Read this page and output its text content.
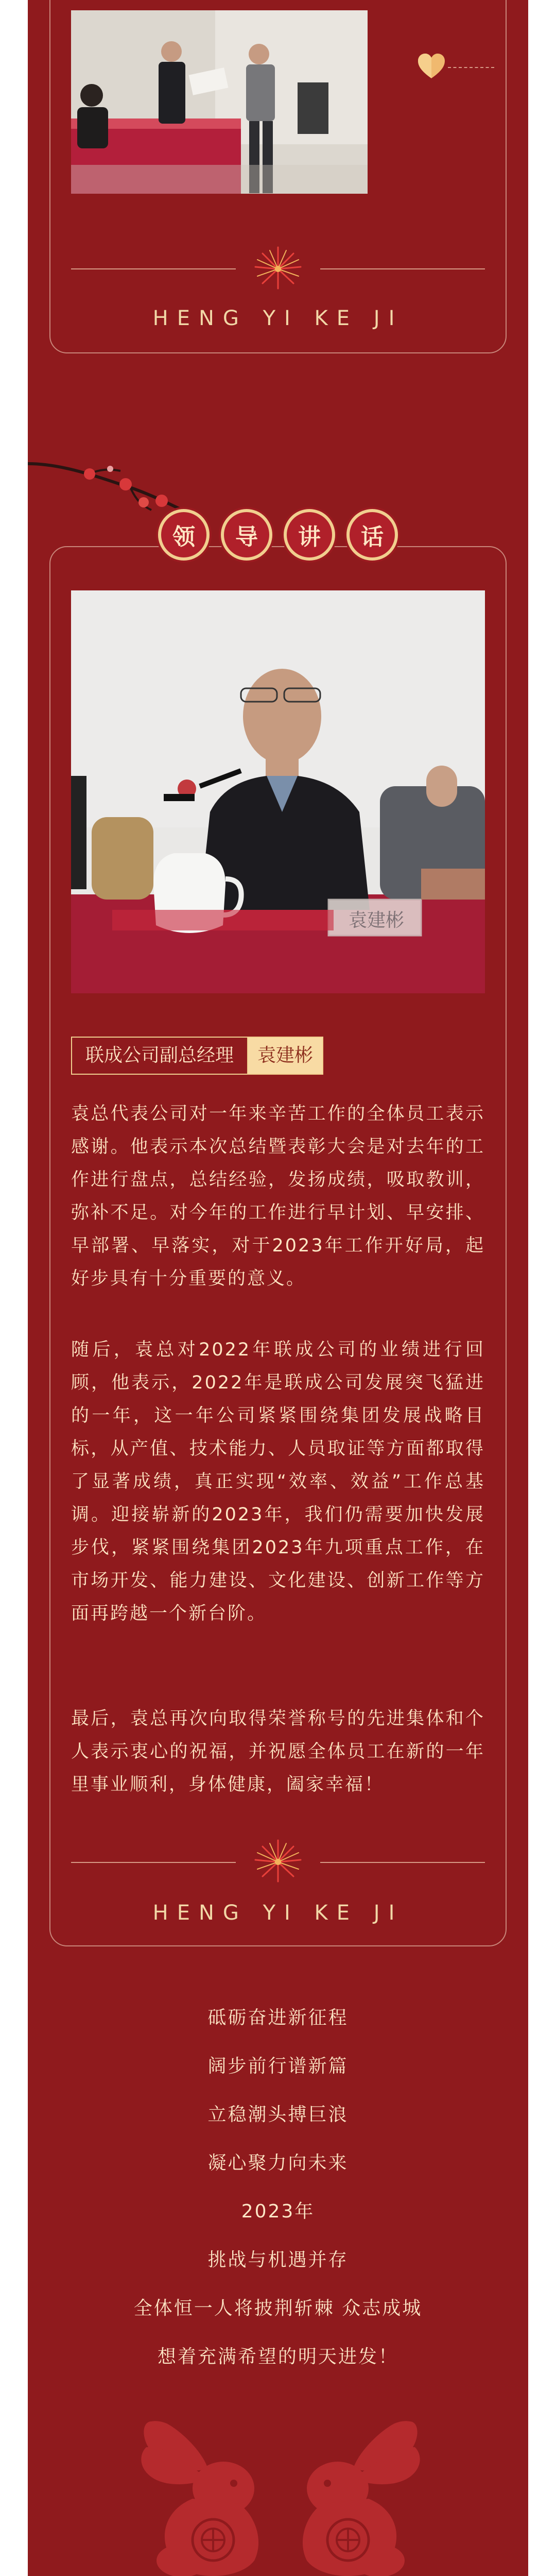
HENG YI KE JI
领	导	讲	话
袁建彬
联成公司副总经理	袁建彬
袁总代表公司对一年来辛苦工作的全体员工表示感谢。他表示本次总结暨表彰大会是对去年的工作进行盘点，总结经验，发扬成绩，吸取教训，弥补不足。对今年的工作进行早计划、早安排、早部署、早落实，对于2023年工作开好局，起好步具有十分重要的意义。
随后，袁总对2022年联成公司的业绩进行回顾，他表示，2022年是联成公司发展突飞猛进的一年，这一年公司紧紧围绕集团发展战略目标，从产值、技术能力、人员取证等方面都取得了显著成绩，真正实现“效率、效益”工作总基调。迎接崭新的2023年，我们仍需要加快发展步伐，紧紧围绕集团2023年九项重点工作，在市场开发、能力建设、文化建设、创新工作等方面再跨越一个新台阶。
最后，袁总再次向取得荣誉称号的先进集体和个人表示衷心的祝福，并祝愿全体员工在新的一年里事业顺利，身体健康，阖家幸福！
HENG YI KE JI
砥砺奋进新征程
阔步前行谱新篇
立稳潮头搏巨浪
凝心聚力向未来
2023年
挑战与机遇并存
全体恒一人将披荆斩棘 众志成城
想着充满希望的明天进发！
